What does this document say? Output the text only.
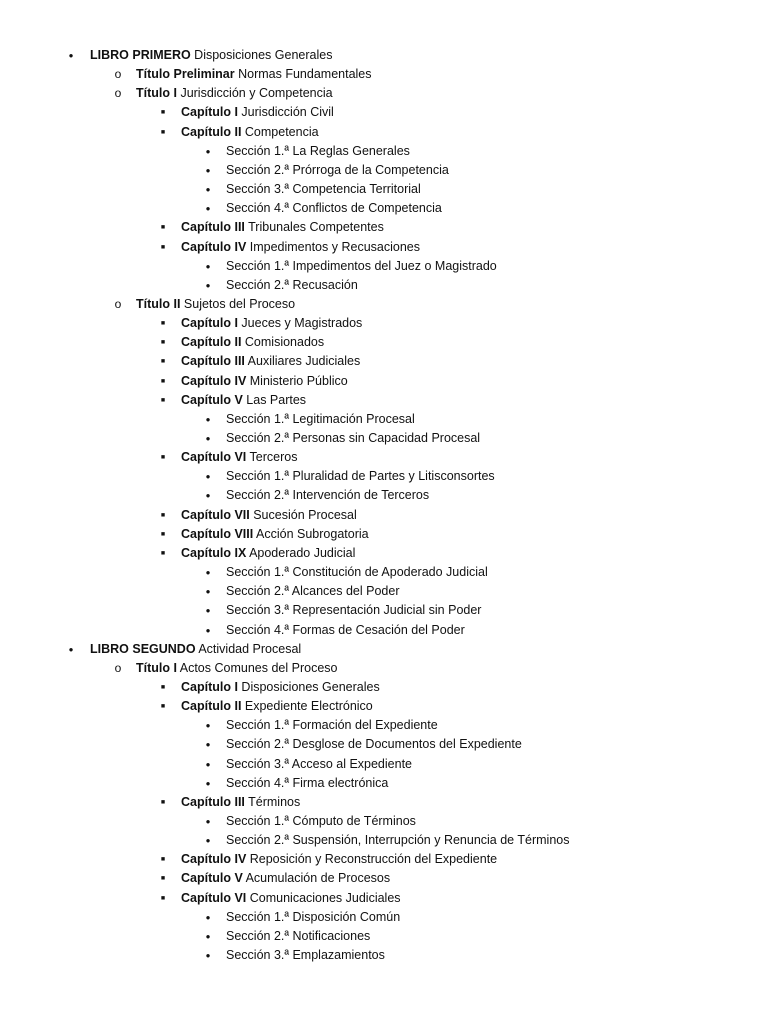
●
LIBRO PRIMERO Disposiciones Generales
o
Título Preliminar Normas Fundamentales
o
Título I Jurisdicción y Competencia
■
Capítulo I Jurisdicción Civil
■
Capítulo II Competencia
●
Sección 1.ª La Reglas Generales
●
Sección 2.ª Prórroga de la Competencia
●
Sección 3.ª Competencia Territorial
●
Sección 4.ª Conflictos de Competencia
■
Capítulo III Tribunales Competentes
■
Capítulo IV Impedimentos y Recusaciones
●
Sección 1.ª Impedimentos del Juez o Magistrado
●
Sección 2.ª Recusación
o
Título II Sujetos del Proceso
■
Capítulo I Jueces y Magistrados
■
Capítulo II Comisionados
■
Capítulo III Auxiliares Judiciales
■
Capítulo IV Ministerio Público
■
Capítulo V Las Partes
●
Sección 1.ª Legitimación Procesal
●
Sección 2.ª Personas sin Capacidad Procesal
■
Capítulo VI Terceros
●
Sección 1.ª Pluralidad de Partes y Litisconsortes
●
Sección 2.ª Intervención de Terceros
■
Capítulo VII Sucesión Procesal
■
Capítulo VIII Acción Subrogatoria
■
Capítulo IX Apoderado Judicial
●
Sección 1.ª Constitución de Apoderado Judicial
●
Sección 2.ª Alcances del Poder
●
Sección 3.ª Representación Judicial sin Poder
●
Sección 4.ª Formas de Cesación del Poder
●
LIBRO SEGUNDO Actividad Procesal
o
Título I Actos Comunes del Proceso
■
Capítulo I Disposiciones Generales
■
Capítulo II Expediente Electrónico
●
Sección 1.ª Formación del Expediente
●
Sección 2.ª Desglose de Documentos del Expediente
●
Sección 3.ª Acceso al Expediente
●
Sección 4.ª Firma electrónica
■
Capítulo III Términos
●
Sección 1.ª Cómputo de Términos
●
Sección 2.ª Suspensión, Interrupción y Renuncia de Términos
■
Capítulo IV Reposición y Reconstrucción del Expediente
■
Capítulo V Acumulación de Procesos
■
Capítulo VI Comunicaciones Judiciales
●
Sección 1.ª Disposición Común
●
Sección 2.ª Notificaciones
●
Sección 3.ª Emplazamientos
